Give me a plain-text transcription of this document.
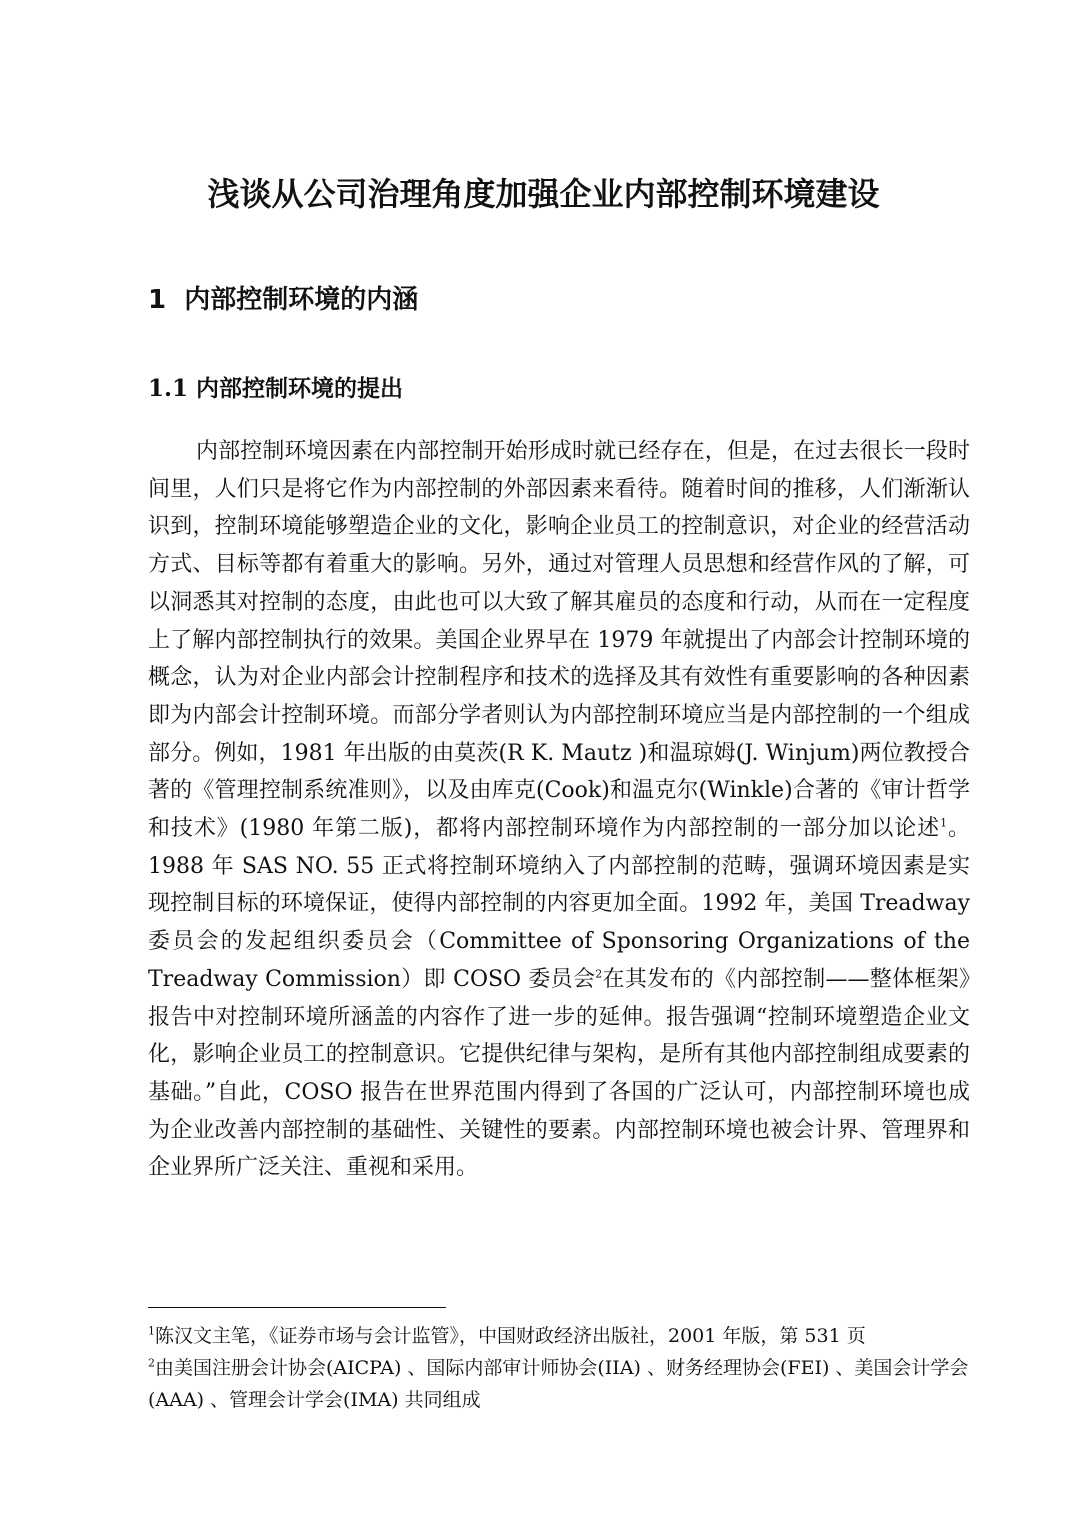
浅谈从公司治理角度加强企业内部控制环境建设
1 内部控制环境的内涵
1.1 内部控制环境的提出

内部控制环境因素在内部控制开始形成时就已经存在，但是，在过去很长一段时间里，人们只是将它作为内部控制的外部因素来看待。随着时间的推移，人们渐渐认识到，控制环境能够塑造企业的文化，影响企业员工的控制意识，对企业的经营活动方式、目标等都有着重大的影响。另外，通过对管理人员思想和经营作风的了解，可以洞悉其对控制的态度，由此也可以大致了解其雇员的态度和行动，从而在一定程度上了解内部控制执行的效果。美国企业界早在 1979 年就提出了内部会计控制环境的概念，认为对企业内部会计控制程序和技术的选择及其有效性有重要影响的各种因素即为内部会计控制环境。而部分学者则认为内部控制环境应当是内部控制的一个组成部分。例如，1981 年出版的由莫茨(R K. Mautz )和温琼姆(J. Winjum)两位教授合著的《管理控制系统准则》，以及由库克(Cook)和温克尔(Winkle)合著的《审计哲学和技术》(1980 年第二版)，都将内部控制环境作为内部控制的一部分加以论述$^1$。1988 年 SAS NO. 55 正式将控制环境纳入了内部控制的范畴，强调环境因素是实现控制目标的环境保证，使得内部控制的内容更加全面。1992 年，美国 Treadway 委员会的发起组织委员会（Committee of Sponsoring Organizations of the Treadway Commission）即 COSO 委员会$^2$在其发布的《内部控制——整体框架》报告中对控制环境所涵盖的内容作了进一步的延伸。报告强调“控制环境塑造企业文化，影响企业员工的控制意识。它提供纪律与架构，是所有其他内部控制组成要素的基础。”自此，COSO 报告在世界范围内得到了各国的广泛认可，内部控制环境也成为企业改善内部控制的基础性、关键性的要素。内部控制环境也被会计界、管理界和企业界所广泛关注、重视和采用。

$^1$陈汉文主笔，《证券市场与会计监管》，中国财政经济出版社，2001 年版，第 531 页

$^2$由美国注册会计协会(AICPA) 、国际内部审计师协会(IIA) 、财务经理协会(FEI) 、美国会计学会(AAA) 、管理会计学会(IMA) 共同组成
